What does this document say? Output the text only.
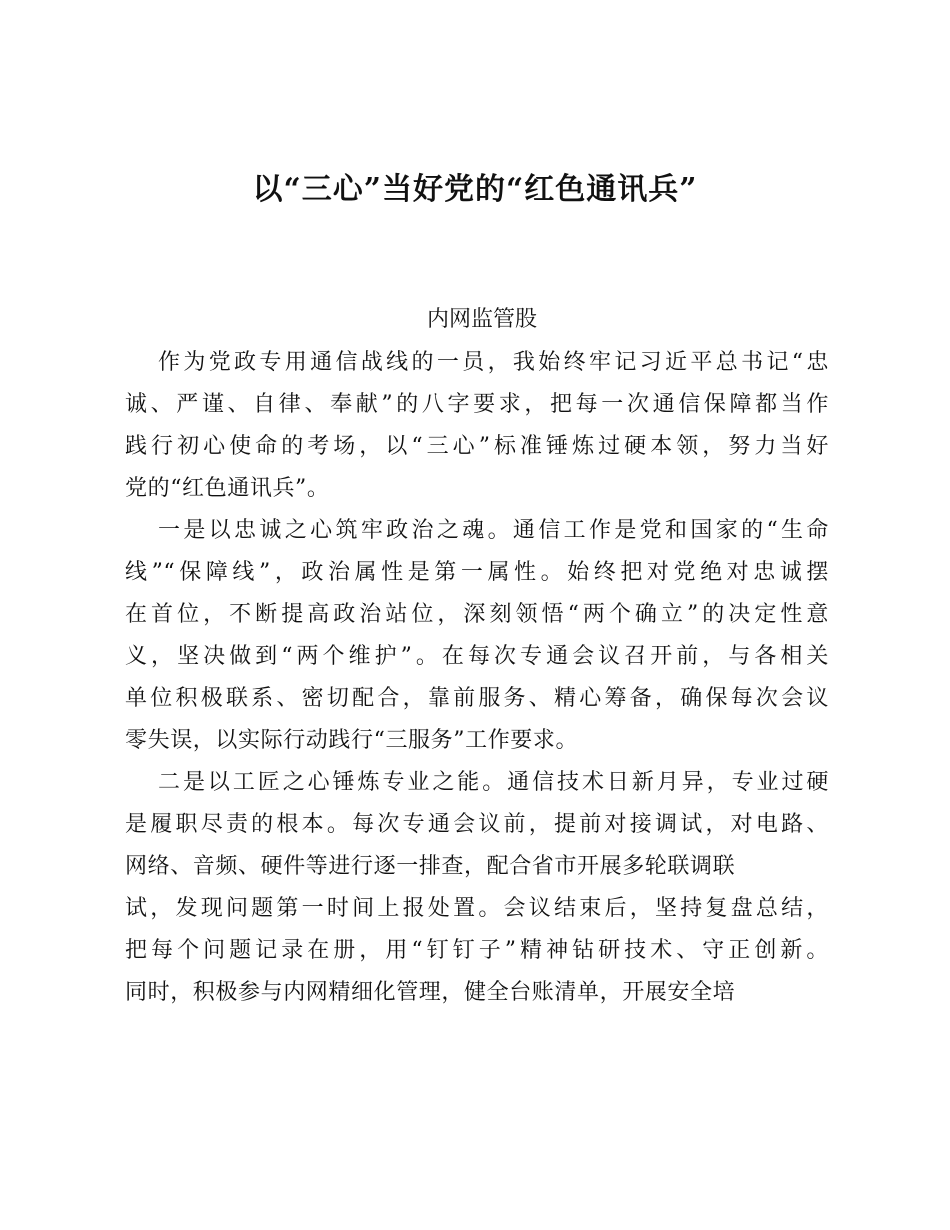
以“三心”当好党的“红色通讯兵”

内网监管股

作为党政专用通信战线的一员，我始终牢记习近平总书记“忠
诚、严谨、自律、奉献”的八字要求，把每一次通信保障都当作
践行初心使命的考场，以“三心”标准锤炼过硬本领，努力当好
党的“红色通讯兵”。
一是以忠诚之心筑牢政治之魂。通信工作是党和国家的“生命
线”“保障线”，政治属性是第一属性。始终把对党绝对忠诚摆
在首位，不断提高政治站位，深刻领悟“两个确立”的决定性意
义，坚决做到“两个维护”。在每次专通会议召开前，与各相关
单位积极联系、密切配合，靠前服务、精心筹备，确保每次会议
零失误，以实际行动践行“三服务”工作要求。
二是以工匠之心锤炼专业之能。通信技术日新月异，专业过硬
是履职尽责的根本。每次专通会议前，提前对接调试，对电路、
网络、音频、硬件等进行逐一排查，配合省市开展多轮联调联
试，发现问题第一时间上报处置。会议结束后，坚持复盘总结，
把每个问题记录在册，用“钉钉子”精神钻研技术、守正创新。
同时，积极参与内网精细化管理，健全台账清单，开展安全培
